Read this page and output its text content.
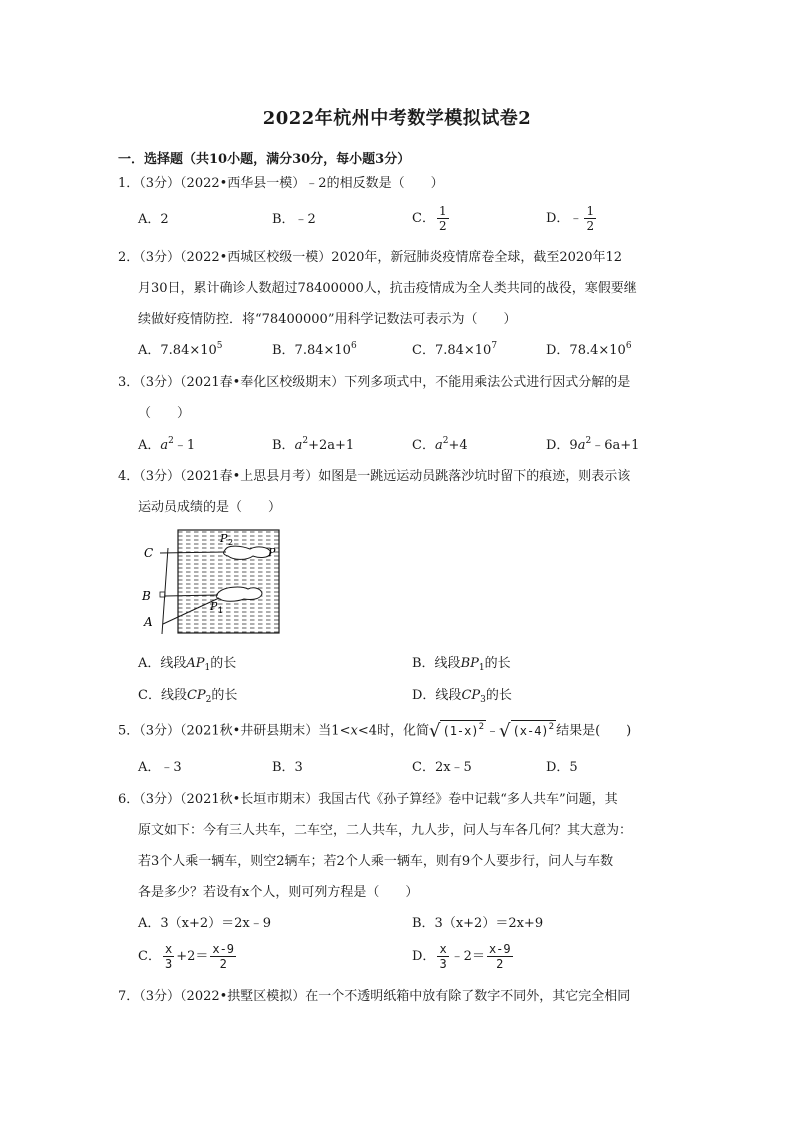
2022年杭州中考数学模拟试卷2
一．选择题（共10小题，满分30分，每小题3分）
1．（3分）（2022•西华县一模）﹣2的相反数是（　　）
A．2	B．﹣2	C． $\frac{1}{2}$	D．﹣ $\frac{1}{2}$
2．（3分）（2022•西城区校级一模）2020年，新冠肺炎疫情席卷全球，截至2020年12
月30日，累计确诊人数超过78400000人，抗击疫情成为全人类共同的战役，寒假要继
续做好疫情防控．将“78400000”用科学记数法可表示为（　　）
A．$7.84\times 10^5$	B．$7.84\times 10^6$	C．$7.84\times 10^7$	D．$78.4\times 10^6$
3．（3分）（2021春•奉化区校级期末）下列多项式中，不能用乘法公式进行因式分解的是
（　　）
A．$a^2﹣1$	B．$a^2+2a+1$	C．$a^2+4$	D．$9a^2﹣6a+1$
4．（3分）（2021春•上思县月考）如图是一跳远运动员跳落沙坑时留下的痕迹，则表示该
运动员成绩的是（　　）
C
B
A
P 2
P
P 1
A．线段$AP_1$的长	B．线段$BP_1$的长
C．线段$CP_2$的长	D．线段$CP_3$的长
5．（3分）（2021秋•井研县期末）当1<x<4时，化简√ $(1-x)^2$ ﹣√ $(x-4)^2$ 结果是(　　)
A．﹣3	B．3	C．2x﹣5	D．5
6．（3分）（2021秋•长垣市期末）我国古代《孙子算经》卷中记载“多人共车”问题，其
原文如下：今有三人共车，二车空，二人共车，九人步，问人与车各几何？其大意为：
若3个人乘一辆车，则空2辆车；若2个人乘一辆车，则有9个人要步行，问人与车数
各是多少？若设有x个人，则可列方程是（　　）
A．3（x+2）＝2x﹣9	B．3（x+2）＝2x+9
C． $\frac{x}{3} +2= \frac{x-9}{2}$	D． $\frac{x}{3}$ ﹣2＝ $\frac{x-9}{2}$
7．（3分）（2022•拱墅区模拟）在一个不透明纸箱中放有除了数字不同外，其它完全相同
